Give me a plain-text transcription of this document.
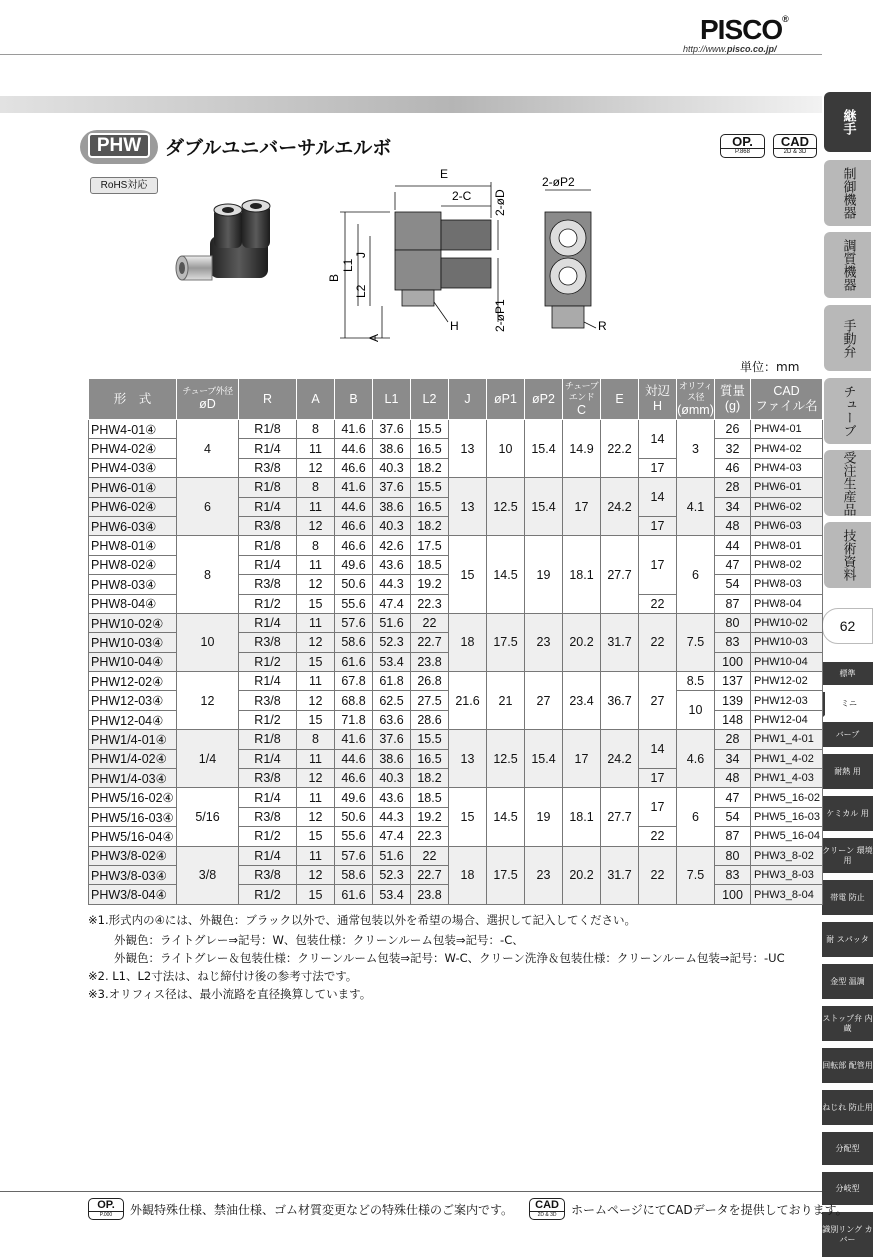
PISCO®
http://www.pisco.co.jp/
継手
制御機器
調質機器
手動弁
チューブ
受注生産品
技術資料
62
標準
ミニ
バーブ
耐熱 用
ケミカル 用
クリーン 環境用
帯電 防止
耐 スパッタ
金型 温調
ストップ弁 内蔵
回転部 配管用
ねじれ 防止用
分配型
分岐型
識別リング カバー
PHW	ダブルユニバーサルエルボ	OP.
P.868
CAD
2D & 3D
RoHS対応
E
2-C 2-øD
B
L1
J
L2
A
H	2-øP1
2-øP2
R
単位：mm
形　式	チューブ外径
øD	R	A	B	L1	L2	J	øP1	øP2	チューブエンド
C	E	対辺
H	オリフィス径
(ømm)	質量
(g)	CAD
ファイル名

PHW4-01④	4	R1/8	8	41.6	37.6	15.5	13	10	15.4	14.9	22.2	14	3	26	PHW4-01
PHW4-02④		R1/4	11	44.6	38.6	16.5								32	PHW4-02
PHW4-03④		R3/8	12	46.6	40.3	18.2						17		46	PHW4-03
PHW6-01④	6	R1/8	8	41.6	37.6	15.5	13	12.5	15.4	17	24.2	14	4.1	28	PHW6-01
PHW6-02④		R1/4	11	44.6	38.6	16.5								34	PHW6-02
PHW6-03④		R3/8	12	46.6	40.3	18.2						17		48	PHW6-03
PHW8-01④	8	R1/8	8	46.6	42.6	17.5	15	14.5	19	18.1	27.7	17	6	44	PHW8-01
PHW8-02④		R1/4	11	49.6	43.6	18.5								47	PHW8-02
PHW8-03④		R3/8	12	50.6	44.3	19.2								54	PHW8-03
PHW8-04④		R1/2	15	55.6	47.4	22.3						22		87	PHW8-04
PHW10-02④	10	R1/4	11	57.6	51.6	22	18	17.5	23	20.2	31.7	22	7.5	80	PHW10-02
PHW10-03④		R3/8	12	58.6	52.3	22.7								83	PHW10-03
PHW10-04④		R1/2	15	61.6	53.4	23.8								100	PHW10-04
PHW12-02④	12	R1/4	11	67.8	61.8	26.8	21.6	21	27	23.4	36.7	27	8.5	137	PHW12-02
PHW12-03④		R3/8	12	68.8	62.5	27.5							10	139	PHW12-03
PHW12-04④		R1/2	15	71.8	63.6	28.6								148	PHW12-04
PHW1/4-01④	1/4	R1/8	8	41.6	37.6	15.5	13	12.5	15.4	17	24.2	14	4.6	28	PHW1_4-01
PHW1/4-02④		R1/4	11	44.6	38.6	16.5								34	PHW1_4-02
PHW1/4-03④		R3/8	12	46.6	40.3	18.2						17		48	PHW1_4-03
PHW5/16-02④	5/16	R1/4	11	49.6	43.6	18.5	15	14.5	19	18.1	27.7	17	6	47	PHW5_16-02
PHW5/16-03④		R3/8	12	50.6	44.3	19.2								54	PHW5_16-03
PHW5/16-04④		R1/2	15	55.6	47.4	22.3						22		87	PHW5_16-04
PHW3/8-02④	3/8	R1/4	11	57.6	51.6	22	18	17.5	23	20.2	31.7	22	7.5	80	PHW3_8-02
PHW3/8-03④		R3/8	12	58.6	52.3	22.7								83	PHW3_8-03
PHW3/8-04④		R1/2	15	61.6	53.4	23.8								100	PHW3_8-04
※1.形式内の④には、外観色：ブラック以外で、通常包装以外を希望の場合、選択して記入してください。
外観色：ライトグレー⇒記号：W、包装仕様：クリーンルーム包装⇒記号：-C、
外観色：ライトグレー＆包装仕様：クリーンルーム包装⇒記号：W-C、クリーン洗浄＆包装仕様：クリーンルーム包装⇒記号：-UC
※2. L1、L2寸法は、ねじ締付け後の参考寸法です。
※3.オリフィス径は、最小流路を直径換算しています。
OP.
P.000	外観特殊仕様、禁油仕様、ゴム材質変更などの特殊仕様のご案内です。	CAD
2D & 3D	ホームページにてCADデータを提供しております。
